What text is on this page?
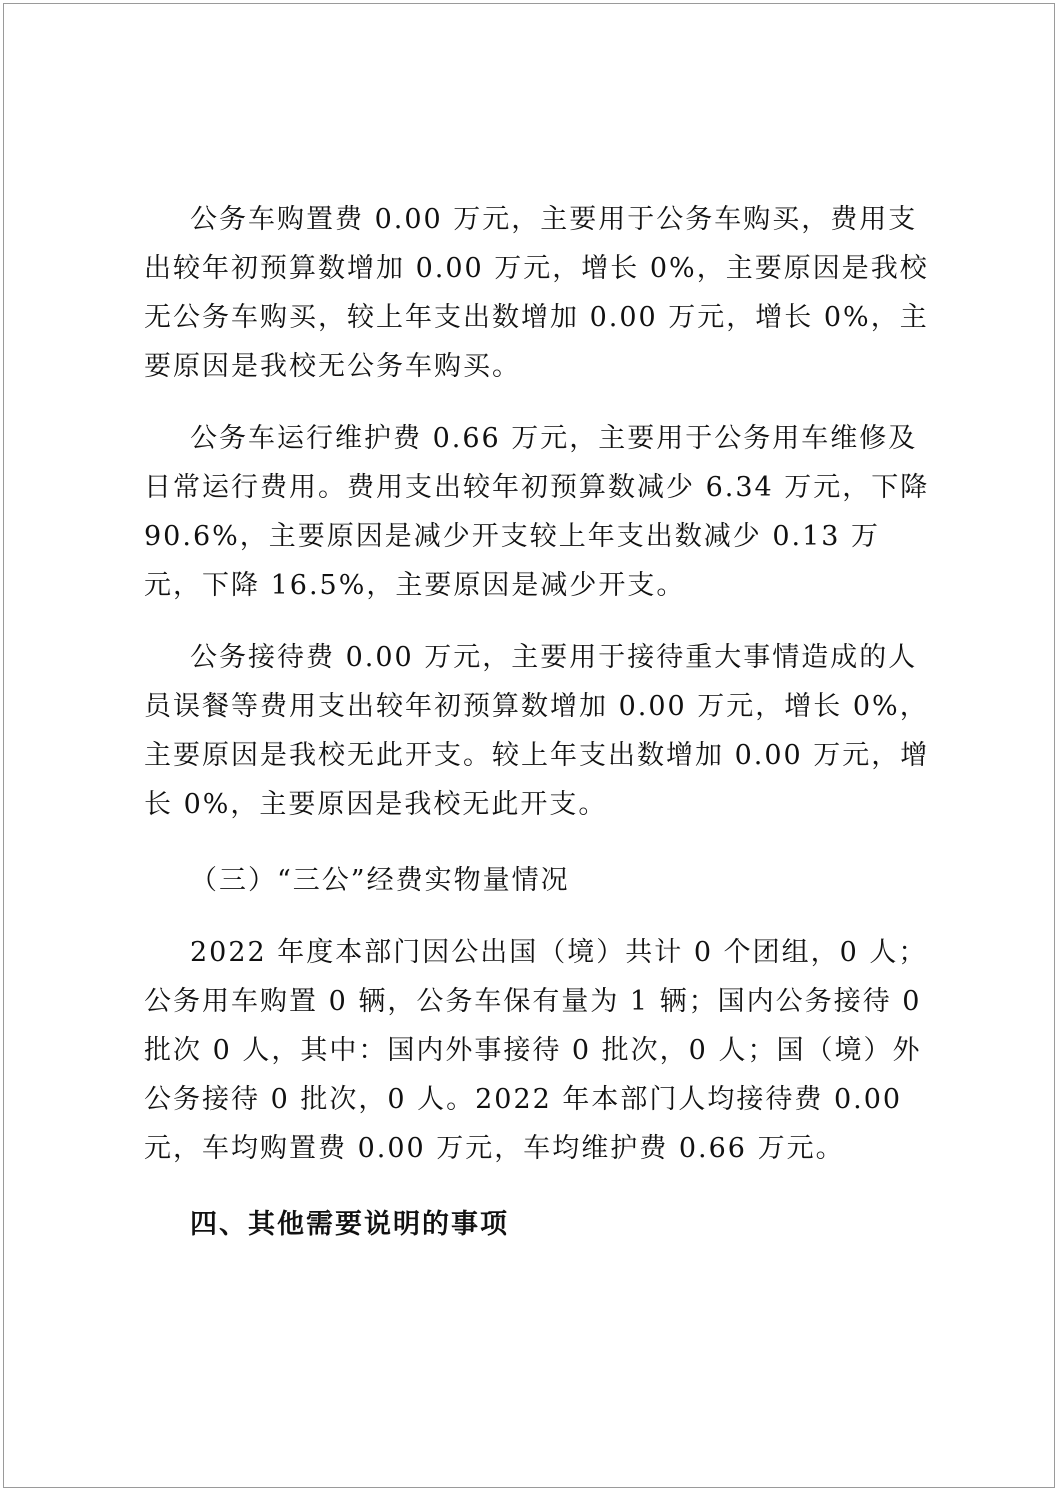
公务车购置费 0.00 万元，主要用于公务车购买，费用支出较年初预算数增加 0.00 万元，增长 0%，主要原因是我校无公务车购买，较上年支出数增加 0.00 万元，增长 0%，主要原因是我校无公务车购买。

公务车运行维护费 0.66 万元，主要用于公务用车维修及日常运行费用。费用支出较年初预算数减少 6.34 万元，下降 90.6%，主要原因是减少开支较上年支出数减少 0.13 万元，下降 16.5%，主要原因是减少开支。

公务接待费 0.00 万元，主要用于接待重大事情造成的人员误餐等费用支出较年初预算数增加 0.00 万元，增长 0%，主要原因是我校无此开支。较上年支出数增加 0.00 万元，增长 0%，主要原因是我校无此开支。

（三）“三公”经费实物量情况

2022 年度本部门因公出国（境）共计 0 个团组，0 人；公务用车购置 0 辆，公务车保有量为 1 辆；国内公务接待 0 批次 0 人，其中：国内外事接待 0 批次，0 人；国（境）外公务接待 0 批次，0 人。2022 年本部门人均接待费 0.00 元，车均购置费 0.00 万元，车均维护费 0.66 万元。

四、其他需要说明的事项
